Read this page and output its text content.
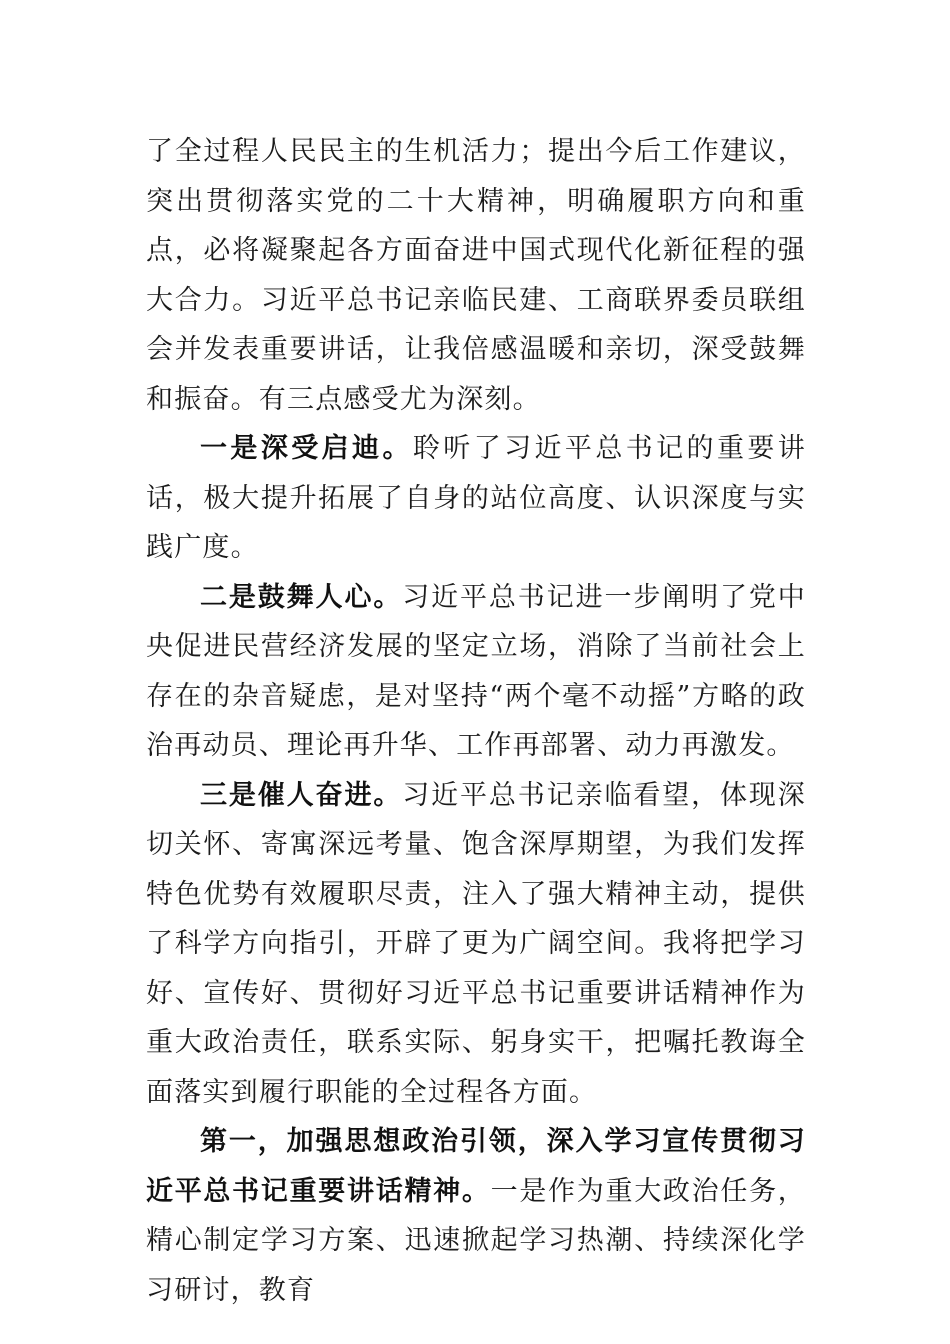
了全过程人民民主的生机活力；提出今后工作建议，突出贯彻落实党的二十大精神，明确履职方向和重点，必将凝聚起各方面奋进中国式现代化新征程的强大合力。习近平总书记亲临民建、工商联界委员联组会并发表重要讲话，让我倍感温暖和亲切，深受鼓舞和振奋。有三点感受尤为深刻。

一是深受启迪。聆听了习近平总书记的重要讲话，极大提升拓展了自身的站位高度、认识深度与实践广度。

二是鼓舞人心。习近平总书记进一步阐明了党中央促进民营经济发展的坚定立场，消除了当前社会上存在的杂音疑虑，是对坚持“两个毫不动摇”方略的政治再动员、理论再升华、工作再部署、动力再激发。

三是催人奋进。习近平总书记亲临看望，体现深切关怀、寄寓深远考量、饱含深厚期望，为我们发挥特色优势有效履职尽责，注入了强大精神主动，提供了科学方向指引，开辟了更为广阔空间。我将把学习好、宣传好、贯彻好习近平总书记重要讲话精神作为重大政治责任，联系实际、躬身实干，把嘱托教诲全面落实到履行职能的全过程各方面。

第一，加强思想政治引领，深入学习宣传贯彻习近平总书记重要讲话精神。一是作为重大政治任务，精心制定学习方案、迅速掀起学习热潮、持续深化学习研讨，教育
